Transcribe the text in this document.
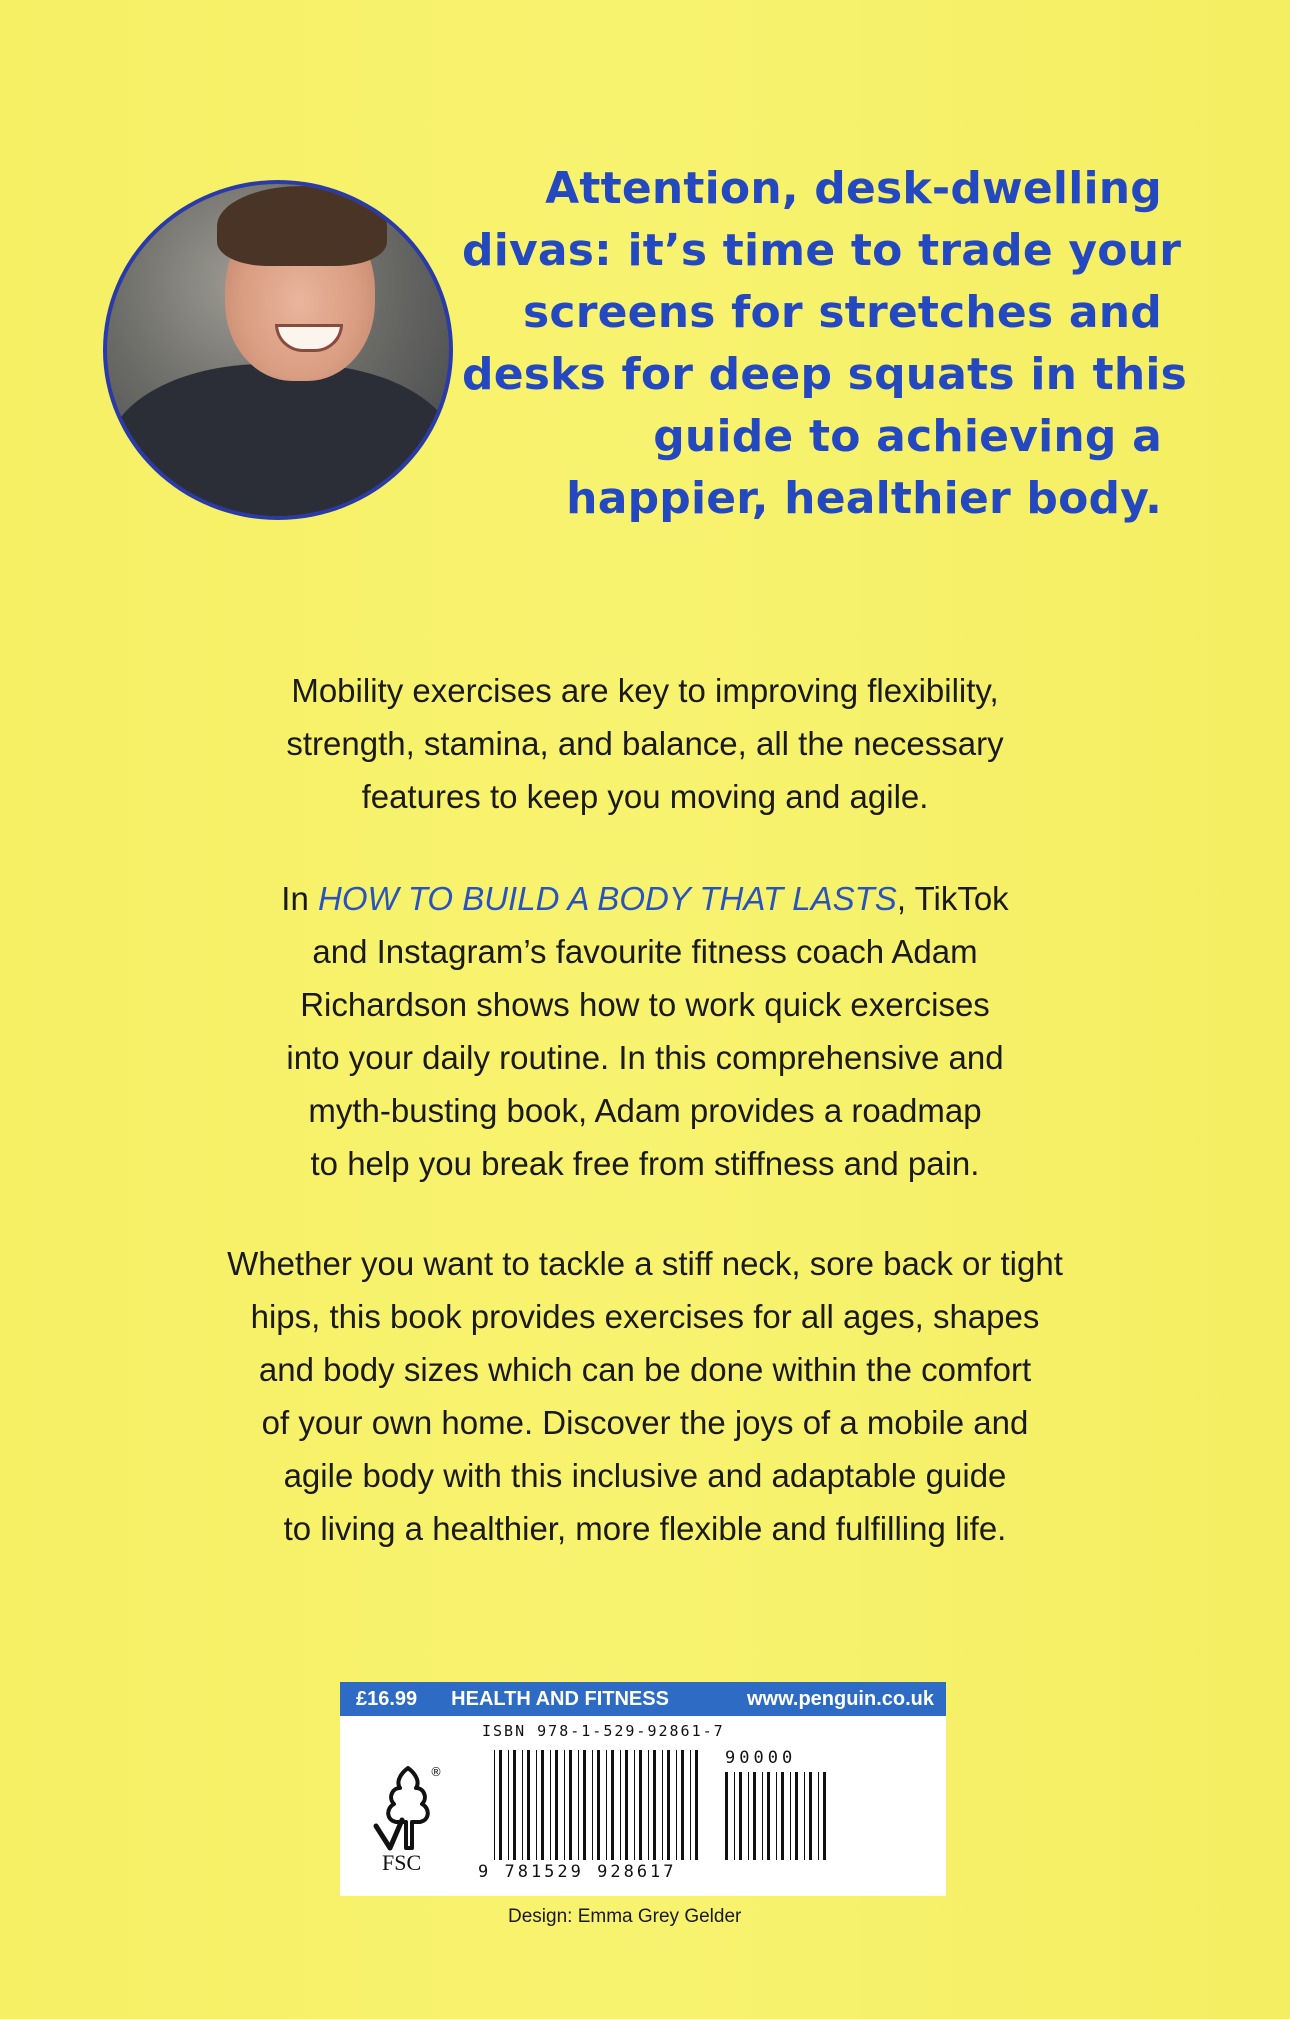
Attention, desk-dwelling
divas: it’s time to trade your
screens for stretches and
desks for deep squats in this
guide to achieving a
happier, healthier body.
Mobility exercises are key to improving flexibility,
strength, stamina, and balance, all the necessary
features to keep you moving and agile.
In HOW TO BUILD A BODY THAT LASTS, TikTok
and Instagram’s favourite fitness coach Adam
Richardson shows how to work quick exercises
into your daily routine. In this comprehensive and
myth-busting book, Adam provides a roadmap
to help you break free from stiffness and pain.
Whether you want to tackle a stiff neck, sore back or tight
hips, this book provides exercises for all ages, shapes
and body sizes which can be done within the comfort
of your own home. Discover the joys of a mobile and
agile body with this inclusive and adaptable guide
to living a healthier, more flexible and fulfilling life.
£16.99 HEALTH AND FITNESS	www.penguin.co.uk
ISBN 978-1-529-92861-7
®
FSC
90000
9 781529 928617
Design: Emma Grey Gelder
